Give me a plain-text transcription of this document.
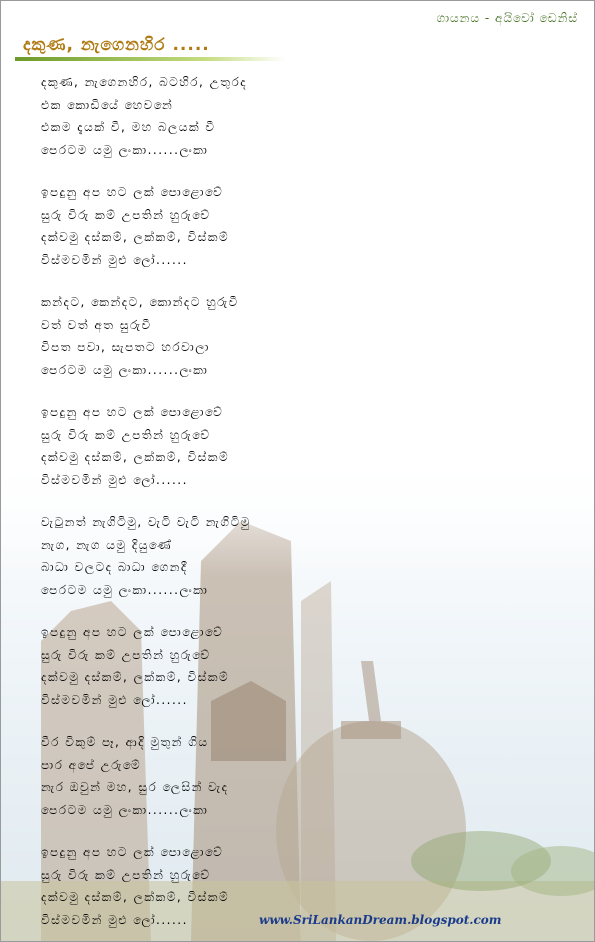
ගායනය - අයිවෝ ඩෙනිස්
දකුණ, නැගෙනහිර .....
දකුණ, නැගෙනහිර, බටහිර, උතුරද
එක කොඩියේ හෙවනේ
එකම දැයක් වී, මහ බලයක් වී
පෙරටම යමු ලංකා......ලංකා
ඉපදුනු අප හට ලක් පොළොවේ
සුරු විරු කම් උපතින් හුරුවේ
දක්වමු දස්කම්, ලක්කම්, විස්කම්
විස්මවමින් මුළු ලෝ......
කන්දට, කෙන්දට, කොන්දට හුරුවී
වත් වත් අත සුරුවී
විපත පවා, සැපතට හරවාලා
පෙරටම යමු ලංකා......ලංකා
ඉපදුනු අප හට ලක් පොළොවේ
සුරු විරු කම් උපතින් හුරුවේ
දක්වමු දස්කම්, ලක්කම්, විස්කම්
විස්මවමින් මුළු ලෝ......
වැටුනත් නැගිටිමු, වැටි වැටි නැගිටිමු
නැග, නැග යමු දියුණේ
බාධා වලටද බාධා ගෙනදී
පෙරටම යමු ලංකා......ලංකා
ඉපදුනු අප හට ලක් පොළොවේ
සුරු විරු කම් උපතින් හුරුවේ
දක්වමු දස්කම්, ලක්කම්, විස්කම්
විස්මවමින් මුළු ලෝ......
වීර විකුම් පෑ, ආදි මුතුන් ගිය
පාර අපේ උරුමේ
නැර ඔවුන් මහ, සුර ලෙසින් වැද
පෙරටම යමු ලංකා......ලංකා
ඉපදුනු අප හට ලක් පොළොවේ
සුරු විරු කම් උපතින් හුරුවේ
දක්වමු දස්කම්, ලක්කම්, විස්කම්
විස්මවමින් මුළු ලෝ......	www.SriLankanDream.blogspot.com
